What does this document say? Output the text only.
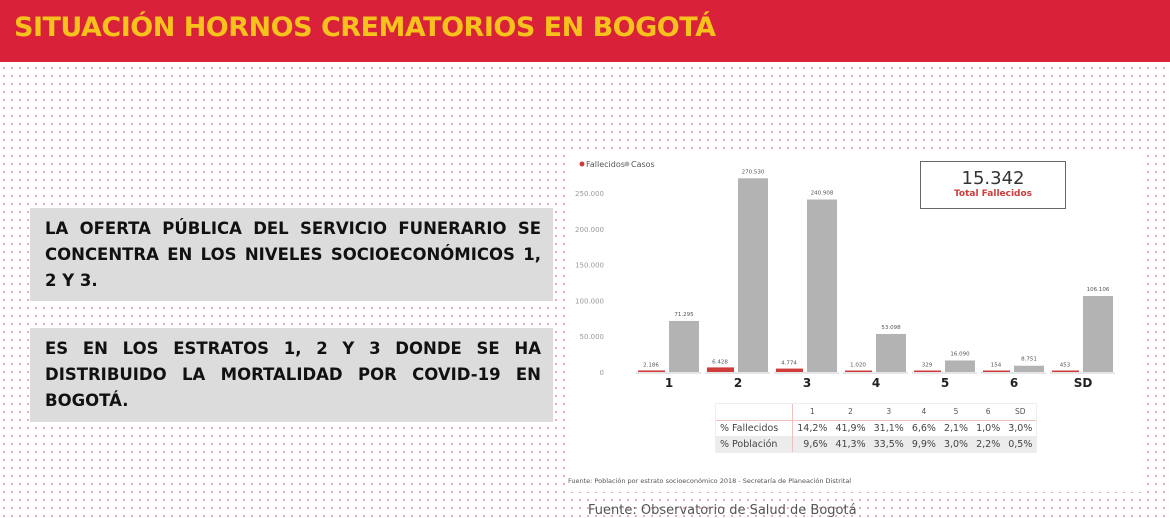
SITUACIÓN HORNOS CREMATORIOS EN BOGOTÁ
LA OFERTA PÚBLICA DEL SERVICIO FUNERARIO SE CONCENTRA EN LOS NIVELES SOCIOECONÓMICOS 1, 2 Y 3.
ES EN LOS ESTRATOS 1, 2 Y 3 DONDE SE HA DISTRIBUIDO LA MORTALIDAD POR COVID-19 EN BOGOTÁ.
Fallecidos Casos
0
50.000
100.000
150.000
200.000
250.000
2.186
71.295
1
6.428
270.530
2
4.774
240.908
3
1.020
53.098
4
329
16.090
5
154
8.751
6
453
106.106
SD
15.342
Total Fallecidos
	1	2	3	4	5	6	SD
% Fallecidos	14,2%	41,9%	31,1%	6,6%	2,1%	1,0%	3,0%
% Población	9,6%	41,3%	33,5%	9,9%	3,0%	2,2%	0,5%
Fuente: Población por estrato socioeconómico 2018 - Secretaría de Planeación Distrital
Fuente: Observatorio de Salud de Bogotá
